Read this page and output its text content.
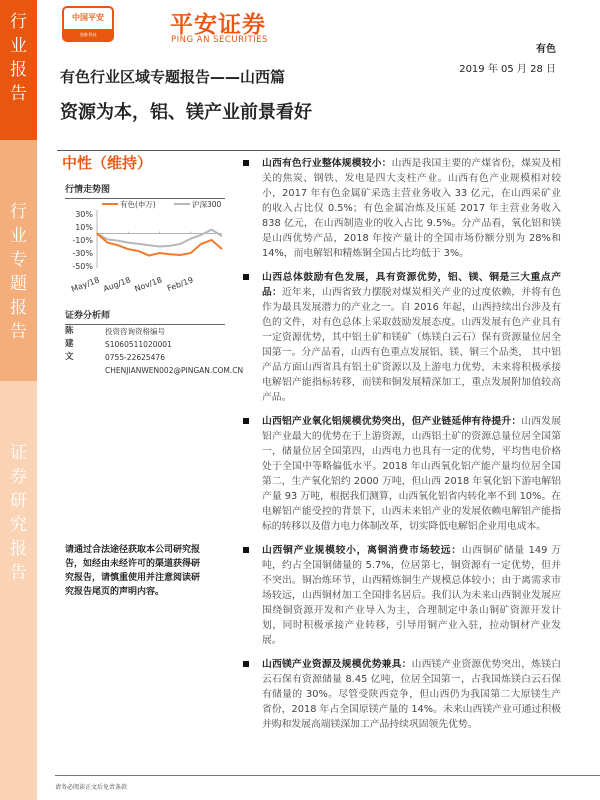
行业报告
行业专题报告
证券研究报告
中国平安
金融·科技	平安证券
PING AN SECURITIES
有色
2019 年 05 月 28 日
有色行业区域专题报告——山西篇
资源为本，铝、镁产业前景看好
中性（维持）
行情走势图
30%
10%
-10%
-30%
-50%
May/18 Aug/18 Nov/18 Feb/19
有色(申万)	沪深300
证券分析师
陈建文
投资咨询资格编号
S1060511020001
0755-22625476
CHENJIANWEN002@PINGAN.COM.CN
请通过合法途径获取本公司研究报告，如经由未经许可的渠道获得研究报告，请慎重使用并注意阅读研究报告尾页的声明内容。
山西有色行业整体规模较小：山西是我国主要的产煤省份，煤炭及相关的焦炭、钢铁、发电是四大支柱产业。山西有色产业规模相对较小，2017 年有色金属矿采选主营业务收入 33 亿元，在山西采矿业的收入占比仅 0.5%；有色金属冶炼及压延 2017 年主营业务收入 838 亿元，在山西制造业的收入占比 9.5%。分产品看，氧化铝和镁是山西优势产品，2018 年按产量计的全国市场份额分别为 28%和 14%，而电解铝和精炼铜全国占比均低于 3%。
山西总体鼓励有色发展，具有资源优势，铝、镁、铜是三大重点产品：近年来，山西省致力摆脱对煤炭相关产业的过度依赖，并将有色作为最具发展潜力的产业之一。自 2016 年起，山西持续出台涉及有色的文件，对有色总体上采取鼓励发展态度。山西发展有色产业具有一定资源优势，其中铝土矿和镁矿（炼镁白云石）保有资源量位居全国第一。分产品看，山西有色重点发展铝、镁、铜三个品类， 其中铝产品方面山西省具有铝土矿资源以及上游电力优势，未来将积极承接电解铝产能指标转移，而镁和铜发展精深加工，重点发展附加值较高产品。
山西铝产业氧化铝规模优势突出，但产业链延伸有待提升：山西发展铝产业最大的优势在于上游资源，山西铝土矿的资源总量位居全国第一，储量位居全国第四，山西电力也具有一定的优势，平均售电价格处于全国中等略偏低水平。2018 年山西氧化铝产能产量均位居全国第二，生产氧化铝约 2000 万吨，但山西 2018 年氧化铝下游电解铝产量 93 万吨，根据我们测算，山西氧化铝省内转化率不到 10%。在电解铝产能受控的背景下，山西未来铝产业的发展依赖电解铝产能指标的转移以及借力电力体制改革，切实降低电解铝企业用电成本。
山西铜产业规模较小，离铜消费市场较远：山西铜矿储量 149 万吨，约占全国铜储量的 5.7%，位居第七，铜资源有一定优势，但并不突出。铜冶炼环节，山西精炼铜生产规模总体较小；由于离需求市场较远，山西铜材加工全国排名居后。我们认为未来山西铜业发展应围绕铜资源开发和产业导入为主，合理制定中条山铜矿资源开发计划，同时积极承接产业转移，引导用铜产业入驻，拉动铜材产业发展。
山西镁产业资源及规模优势兼具：山西镁产业资源优势突出，炼镁白云石保有资源储量 8.45 亿吨，位居全国第一，占我国炼镁白云石保有储量的 30%。尽管受陕西竞争，但山西仍为我国第二大原镁生产省份，2018 年占全国原镁产量的 14%。未来山西镁产业可通过积极并购和发展高端镁深加工产品持续巩固领先优势。
请务必阅读正文后免责条款
